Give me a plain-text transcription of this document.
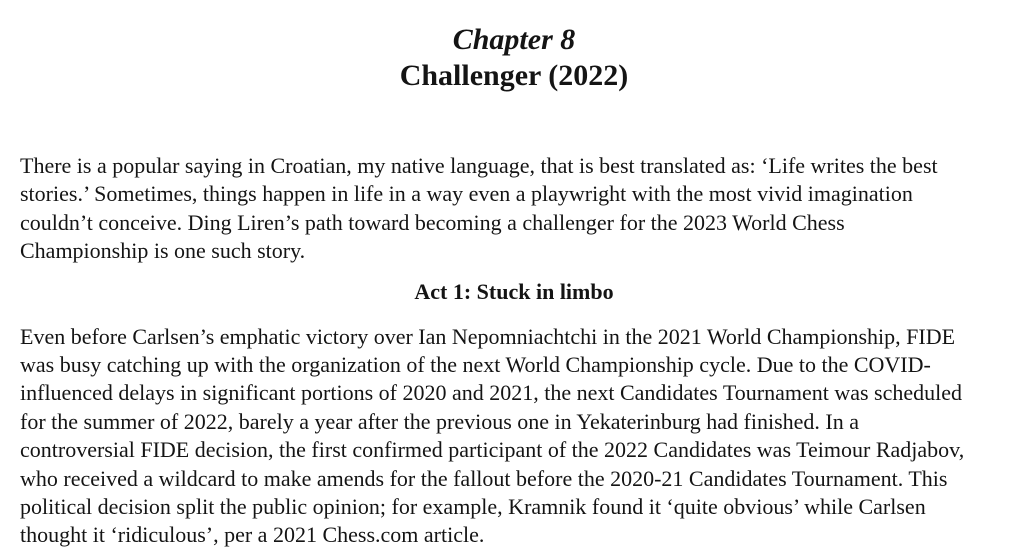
Chapter 8
Challenger (2022)
There is a popular saying in Croatian, my native language, that is best translated as: ‘Life writes the best
stories.’ Sometimes, things happen in life in a way even a playwright with the most vivid imagination
couldn’t conceive. Ding Liren’s path toward becoming a challenger for the 2023 World Chess
Championship is one such story.
Act 1: Stuck in limbo
Even before Carlsen’s emphatic victory over Ian Nepomniachtchi in the 2021 World Championship, FIDE
was busy catching up with the organization of the next World Championship cycle. Due to the COVID-
influenced delays in significant portions of 2020 and 2021, the next Candidates Tournament was scheduled
for the summer of 2022, barely a year after the previous one in Yekaterinburg had finished. In a
controversial FIDE decision, the first confirmed participant of the 2022 Candidates was Teimour Radjabov,
who received a wildcard to make amends for the fallout before the 2020-21 Candidates Tournament. This
political decision split the public opinion; for example, Kramnik found it ‘quite obvious’ while Carlsen
thought it ‘ridiculous’, per a 2021 Chess.com article.
